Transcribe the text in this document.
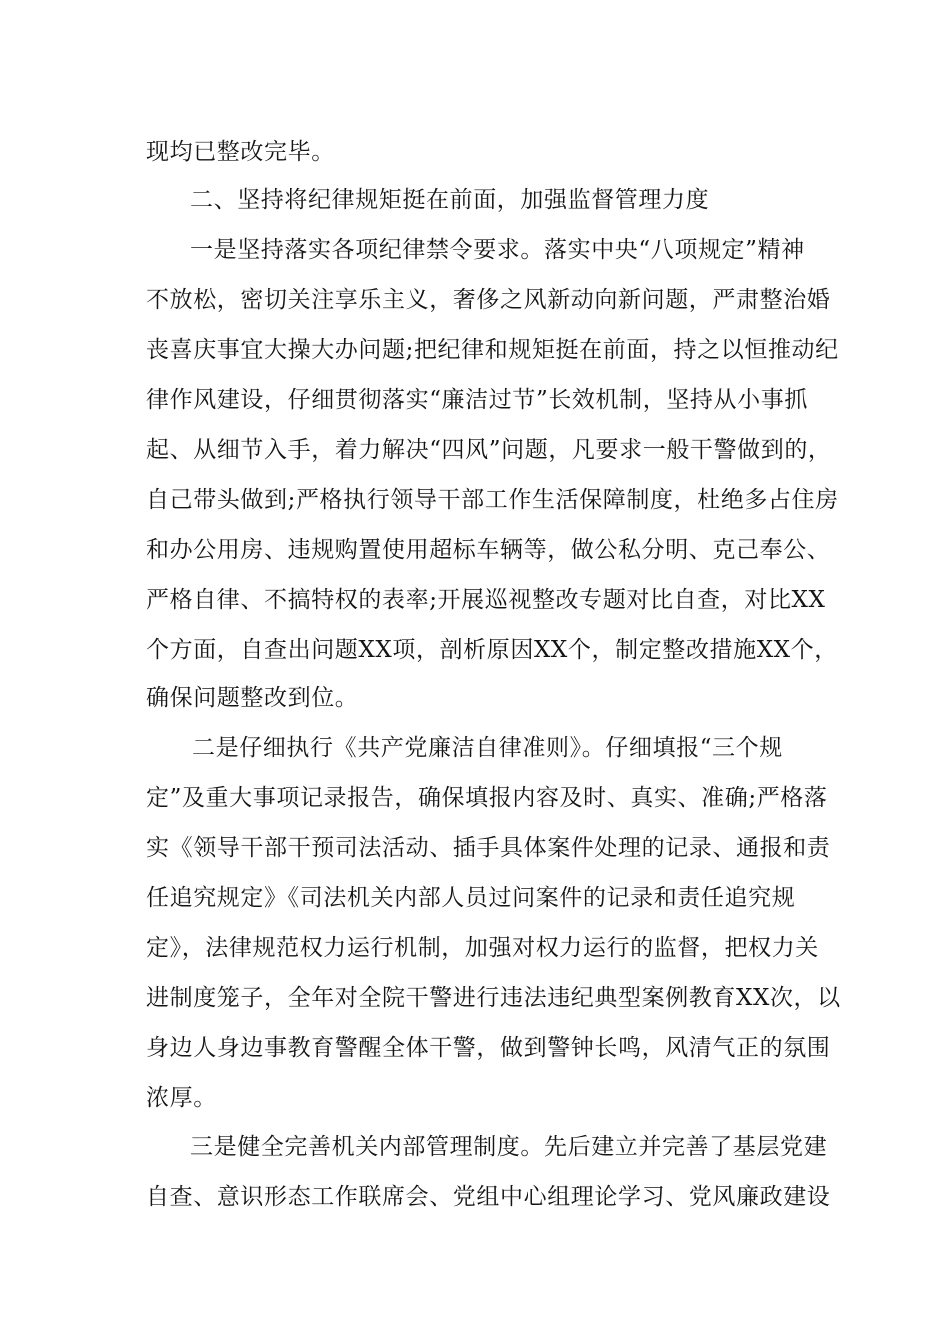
现均已整改完毕。
二、坚持将纪律规矩挺在前面，加强监督管理力度
一是坚持落实各项纪律禁令要求。落实中央“八项规定”精神
不放松，密切关注享乐主义，奢侈之风新动向新问题，严肃整治婚
丧喜庆事宜大操大办问题;把纪律和规矩挺在前面，持之以恒推动纪
律作风建设，仔细贯彻落实“廉洁过节”长效机制，坚持从小事抓
起、从细节入手，着力解决“四风”问题，凡要求一般干警做到的，
自己带头做到;严格执行领导干部工作生活保障制度，杜绝多占住房
和办公用房、违规购置使用超标车辆等，做公私分明、克己奉公、
严格自律、不搞特权的表率;开展巡视整改专题对比自查，对比XX
个方面，自查出问题XX项，剖析原因XX个，制定整改措施XX个，
确保问题整改到位。
二是仔细执行《共产党廉洁自律准则》。仔细填报“三个规
定”及重大事项记录报告，确保填报内容及时、真实、准确;严格落
实《领导干部干预司法活动、插手具体案件处理的记录、通报和责
任追究规定》《司法机关内部人员过问案件的记录和责任追究规
定》，法律规范权力运行机制，加强对权力运行的监督，把权力关
进制度笼子，全年对全院干警进行违法违纪典型案例教育XX次，以
身边人身边事教育警醒全体干警，做到警钟长鸣，风清气正的氛围
浓厚。
三是健全完善机关内部管理制度。先后建立并完善了基层党建
自查、意识形态工作联席会、党组中心组理论学习、党风廉政建设
